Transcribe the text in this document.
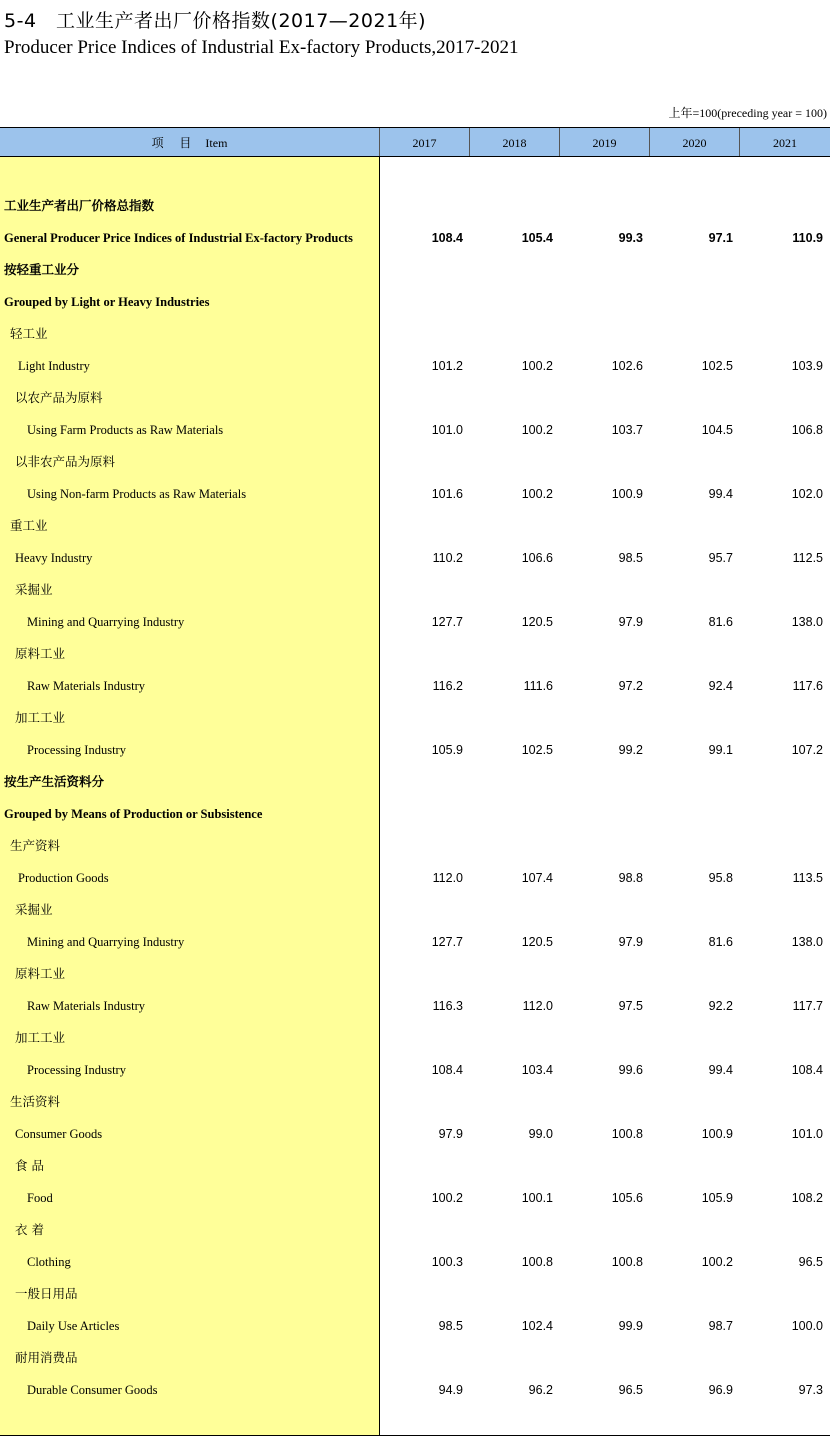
5-4　工业生产者出厂价格指数(2017—2021年)
Producer Price Indices of Industrial Ex-factory Products,2017-2021
上年=100(preceding year = 100)
项 目 Item	2017	2018	2019	2020	2021
工业生产者出厂价格总指数
General Producer Price Indices of Industrial Ex-factory Products	108.4	105.4	99.3	97.1	110.9
按轻重工业分
Grouped by Light or Heavy Industries
轻工业
Light Industry	101.2	100.2	102.6	102.5	103.9
以农产品为原料
Using Farm Products as Raw Materials	101.0	100.2	103.7	104.5	106.8
以非农产品为原料
Using Non-farm Products as Raw Materials	101.6	100.2	100.9	99.4	102.0
重工业
Heavy Industry	110.2	106.6	98.5	95.7	112.5
采掘业
Mining and Quarrying Industry	127.7	120.5	97.9	81.6	138.0
原料工业
Raw Materials Industry	116.2	111.6	97.2	92.4	117.6
加工工业
Processing Industry	105.9	102.5	99.2	99.1	107.2
按生产生活资料分
Grouped by Means of Production or Subsistence
生产资料
Production Goods	112.0	107.4	98.8	95.8	113.5
采掘业
Mining and Quarrying Industry	127.7	120.5	97.9	81.6	138.0
原料工业
Raw Materials Industry	116.3	112.0	97.5	92.2	117.7
加工工业
Processing Industry	108.4	103.4	99.6	99.4	108.4
生活资料
Consumer Goods	97.9	99.0	100.8	100.9	101.0
食 品
Food	100.2	100.1	105.6	105.9	108.2
衣 着
Clothing	100.3	100.8	100.8	100.2	96.5
一般日用品
Daily Use Articles	98.5	102.4	99.9	98.7	100.0
耐用消费品
Durable Consumer Goods	94.9	96.2	96.5	96.9	97.3
